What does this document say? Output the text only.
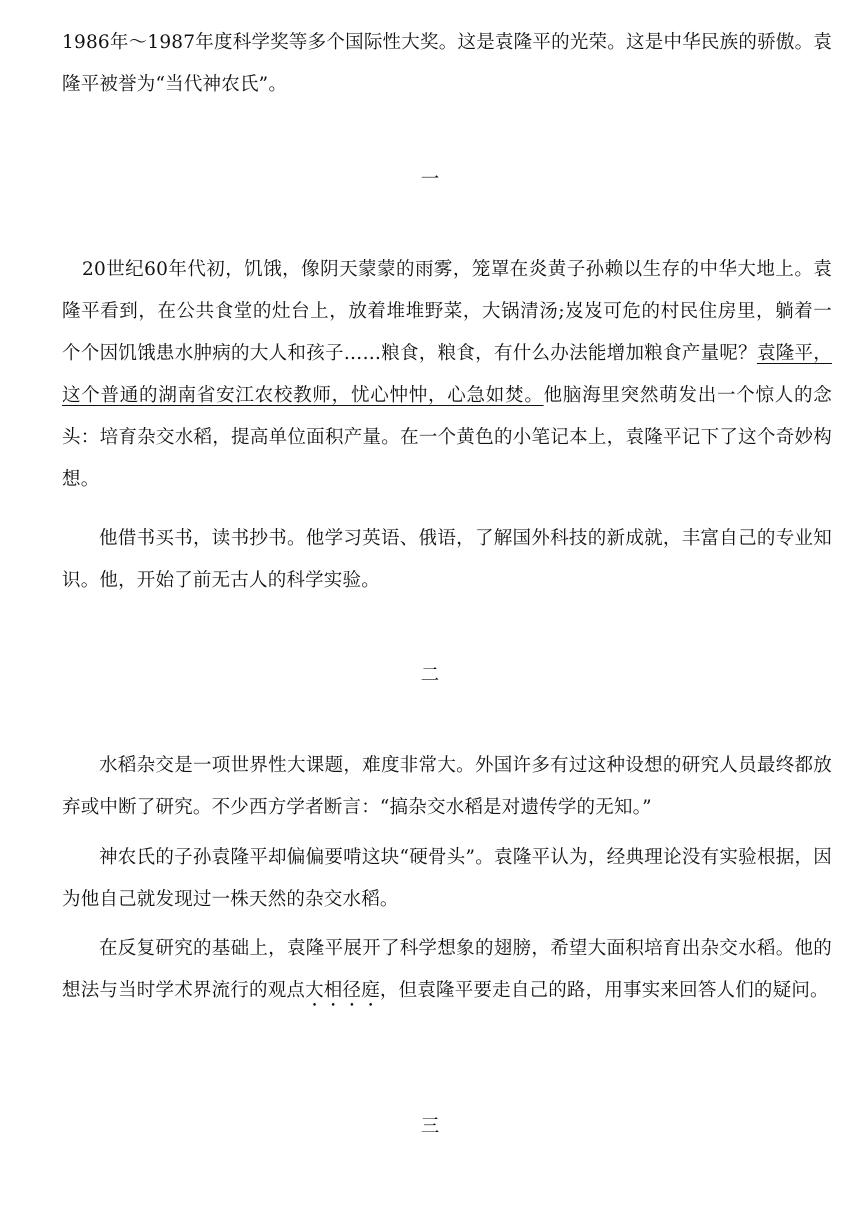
1986年～1987年度科学奖等多个国际性大奖。这是袁隆平的光荣。这是中华民族的骄傲。袁隆平被誉为“当代神农氏”。

一

20世纪60年代初，饥饿，像阴天蒙蒙的雨雾，笼罩在炎黄子孙赖以生存的中华大地上。袁隆平看到，在公共食堂的灶台上，放着堆堆野菜，大锅清汤;岌岌可危的村民住房里，躺着一个个因饥饿患水肿病的大人和孩子……粮食，粮食，有什么办法能增加粮食产量呢？袁隆平，这个普通的湖南省安江农校教师，忧心忡忡，心急如焚。他脑海里突然萌发出一个惊人的念头：培育杂交水稻，提高单位面积产量。在一个黄色的小笔记本上，袁隆平记下了这个奇妙构想。

他借书买书，读书抄书。他学习英语、俄语，了解国外科技的新成就，丰富自己的专业知识。他，开始了前无古人的科学实验。

二

水稻杂交是一项世界性大课题，难度非常大。外国许多有过这种设想的研究人员最终都放弃或中断了研究。不少西方学者断言：“搞杂交水稻是对遗传学的无知。”

神农氏的子孙袁隆平却偏偏要啃这块“硬骨头”。袁隆平认为，经典理论没有实验根据，因为他自己就发现过一株天然的杂交水稻。

在反复研究的基础上，袁隆平展开了科学想象的翅膀，希望大面积培育出杂交水稻。他的想法与当时学术界流行的观点大相径庭，但袁隆平要走自己的路，用事实来回答人们的疑问。

三
